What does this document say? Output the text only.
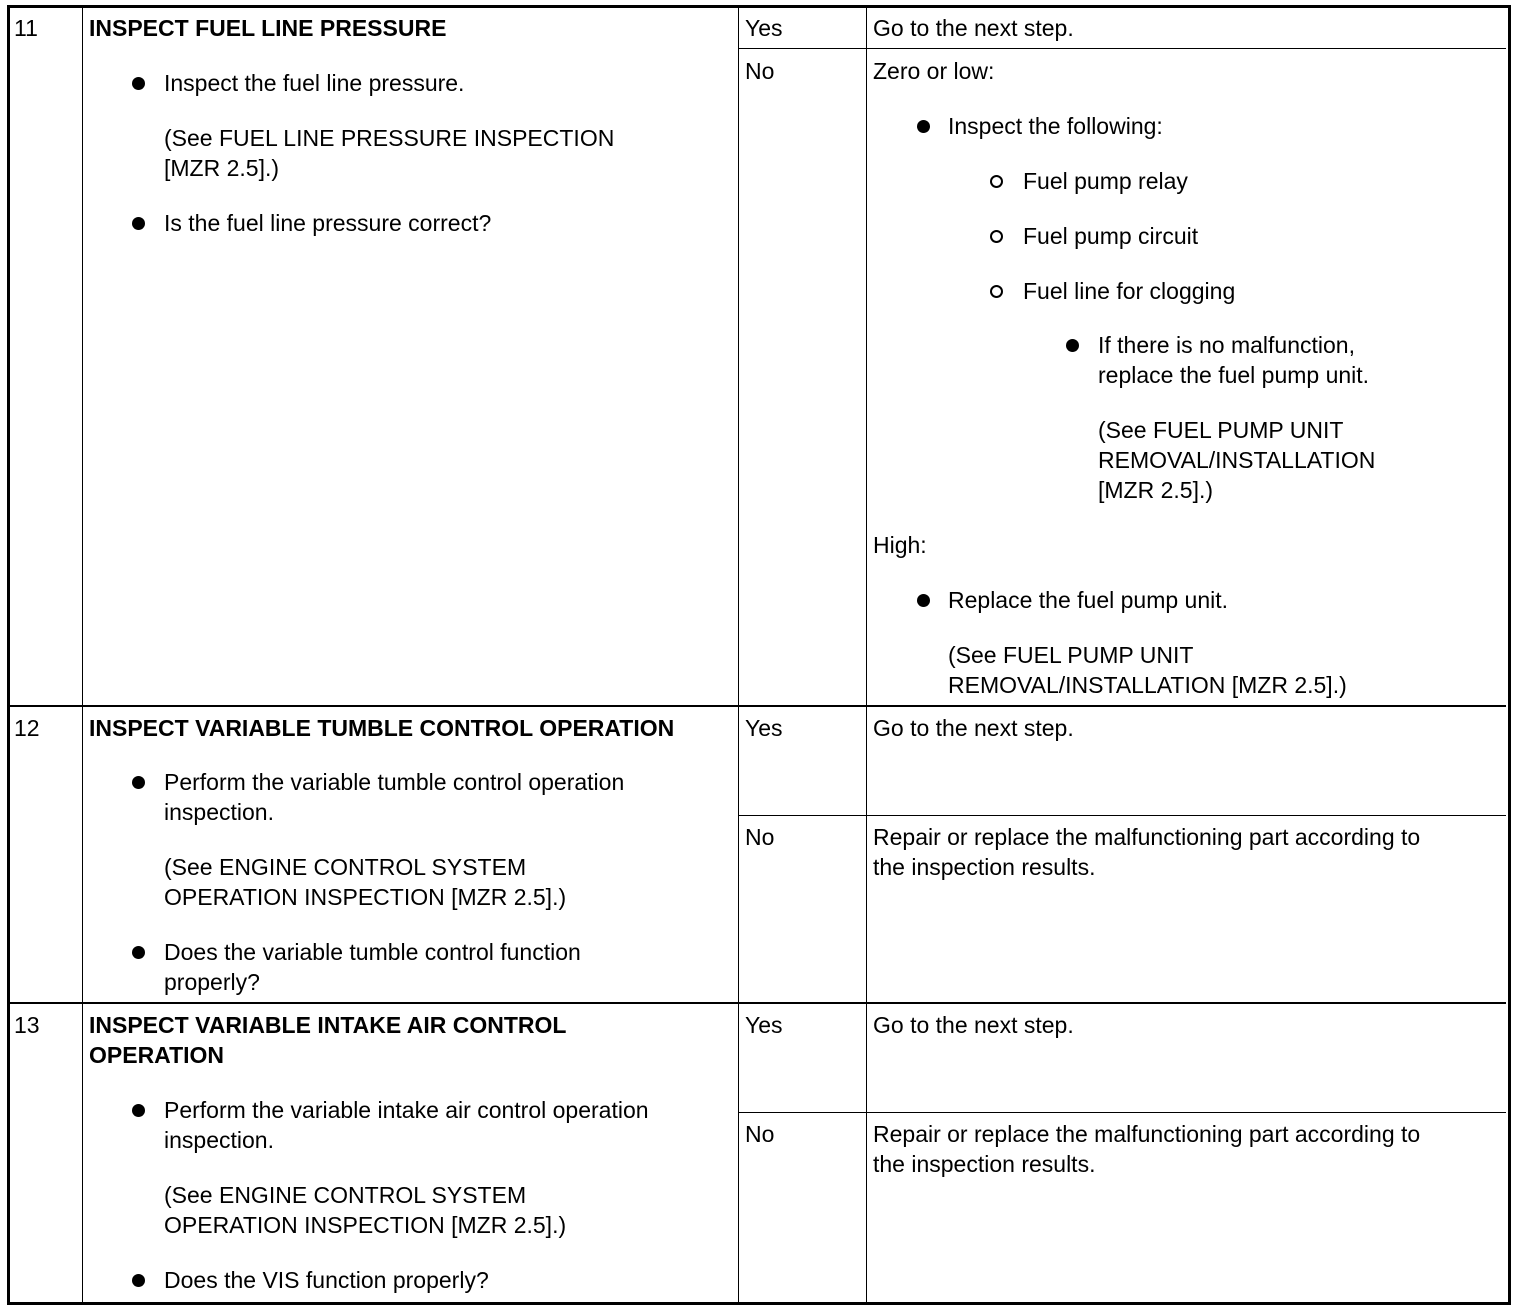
11 INSPECT FUEL LINE PRESSURE
Inspect the fuel line pressure.
(See FUEL LINE PRESSURE INSPECTION
[MZR 2.5].)
Is the fuel line pressure correct?
Yes	Go to the next step.
No	Zero or low:
Inspect the following:
Fuel pump relay
Fuel pump circuit
Fuel line for clogging
If there is no malfunction,
replace the fuel pump unit.
(See FUEL PUMP UNIT
REMOVAL/INSTALLATION
[MZR 2.5].)
High:
Replace the fuel pump unit.
(See FUEL PUMP UNIT
REMOVAL/INSTALLATION [MZR 2.5].)
12 INSPECT VARIABLE TUMBLE CONTROL OPERATION
Perform the variable tumble control operation
inspection.
(See ENGINE CONTROL SYSTEM
OPERATION INSPECTION [MZR 2.5].)
Does the variable tumble control function
properly?
Yes	Go to the next step.
No	Repair or replace the malfunctioning part according to
the inspection results.
13 INSPECT VARIABLE INTAKE AIR CONTROL
OPERATION
Perform the variable intake air control operation
inspection.
(See ENGINE CONTROL SYSTEM
OPERATION INSPECTION [MZR 2.5].)
Does the VIS function properly?
Yes	Go to the next step.
No	Repair or replace the malfunctioning part according to
the inspection results.
